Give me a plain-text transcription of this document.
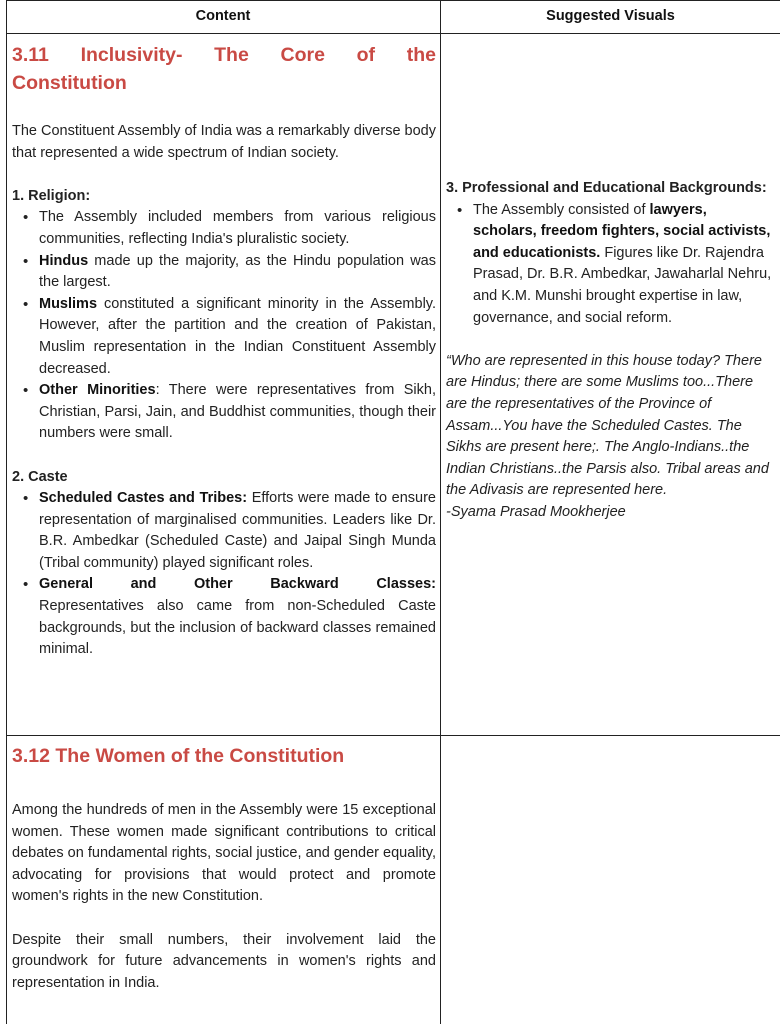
Content	Suggested Visuals
3.11 Inclusivity- The Core of the
Constitution

The Constituent Assembly of India was a remarkably diverse body that represented a wide spectrum of Indian society.

1. Religion:

• The Assembly included members from various religious communities, reflecting India's pluralistic society.
• Hindus made up the majority, as the Hindu population was the largest.
• Muslims constituted a significant minority in the Assembly. However, after the partition and the creation of Pakistan, Muslim representation in the Indian Constituent Assembly decreased.
• Other Minorities: There were representatives from Sikh, Christian, Parsi, Jain, and Buddhist communities, though their numbers were small.

2. Caste

• Scheduled Castes and Tribes: Efforts were made to ensure representation of marginalised communities. Leaders like Dr. B.R. Ambedkar (Scheduled Caste) and Jaipal Singh Munda (Tribal community) played significant roles.
• General and Other Backward Classes:
Representatives also came from non-Scheduled Caste backgrounds, but the inclusion of backward classes remained minimal.

3. Professional and Educational Backgrounds:

• The Assembly consisted of lawyers, scholars, freedom fighters, social activists, and educationists. Figures like Dr. Rajendra Prasad, Dr. B.R. Ambedkar, Jawaharlal Nehru, and K.M. Munshi brought expertise in law, governance, and social reform.

“Who are represented in this house today? There are Hindus; there are some Muslims too...There are the representatives of the Province of Assam...You have the Scheduled Castes. The Sikhs are present here;. The Anglo-Indians..the Indian Christians..the Parsis also. Tribal areas and the Adivasis are represented here.

-Syama Prasad Mookherjee

3.12 The Women of the Constitution

Among the hundreds of men in the Assembly were 15 exceptional women. These women made significant contributions to critical debates on fundamental rights, social justice, and gender equality, advocating for provisions that would protect and promote women's rights in the new Constitution.

Despite their small numbers, their involvement laid the groundwork for future advancements in women's rights and representation in India.
